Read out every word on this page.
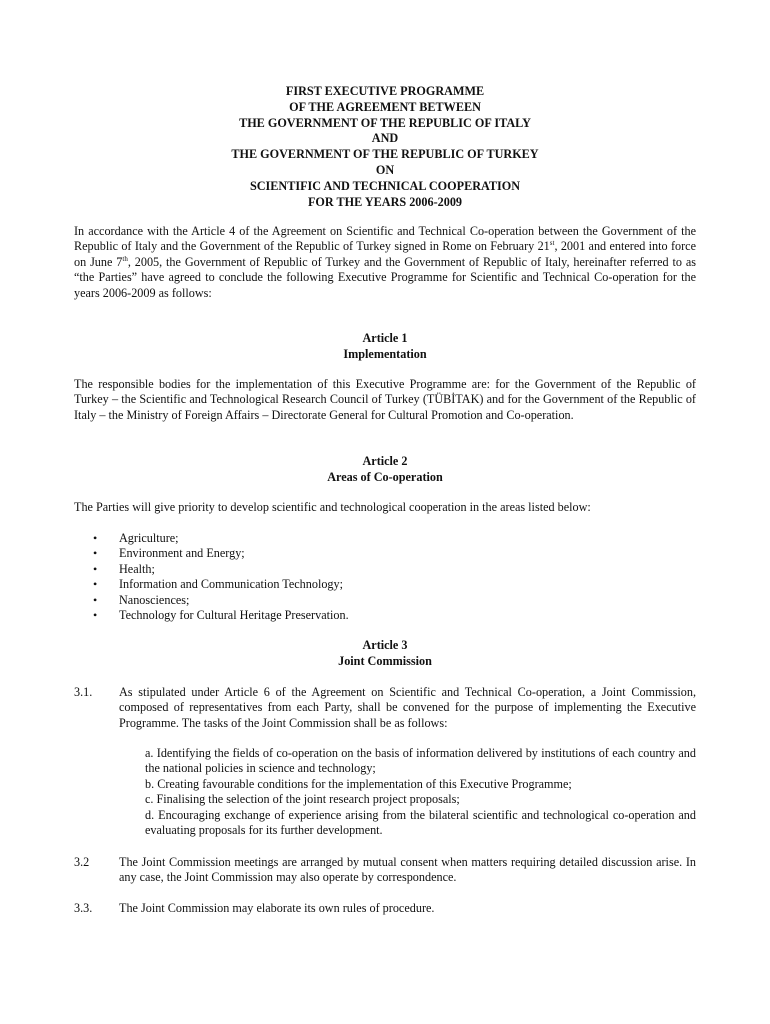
FIRST EXECUTIVE PROGRAMME
OF THE AGREEMENT BETWEEN
THE GOVERNMENT OF THE REPUBLIC OF ITALY
AND
THE GOVERNMENT OF THE REPUBLIC OF TURKEY
ON
SCIENTIFIC AND TECHNICAL COOPERATION
FOR THE YEARS 2006-2009

In accordance with the Article 4 of the Agreement on Scientific and Technical Co-operation between the Government of the Republic of Italy and the Government of the Republic of Turkey signed in Rome on February 21st, 2001 and entered into force on June 7th, 2005, the Government of Republic of Turkey and the Government of Republic of Italy, hereinafter referred to as “the Parties” have agreed to conclude the following Executive Programme for Scientific and Technical Co-operation for the years 2006-2009 as follows:

Article 1
Implementation

The responsible bodies for the implementation of this Executive Programme are: for the Government of the Republic of Turkey – the Scientific and Technological Research Council of Turkey (TÜBİTAK) and for the Government of the Republic of Italy – the Ministry of Foreign Affairs – Directorate General for Cultural Promotion and Co-operation.

Article 2
Areas of Co-operation

The Parties will give priority to develop scientific and technological cooperation in the areas listed below:

• Agriculture;
• Environment and Energy;
• Health;
• Information and Communication Technology;
• Nanosciences;
• Technology for Cultural Heritage Preservation.
Article 3
Joint Commission
3.1.	As stipulated under Article 6 of the Agreement on Scientific and Technical Co-operation, a Joint Commission, composed of representatives from each Party, shall be convened for the purpose of implementing the Executive Programme. The tasks of the Joint Commission shall be as follows:
a. Identifying the fields of co-operation on the basis of information delivered by institutions of each country and the national policies in science and technology;
b. Creating favourable conditions for the implementation of this Executive Programme;
c. Finalising the selection of the joint research project proposals;
d. Encouraging exchange of experience arising from the bilateral scientific and technological co-operation and evaluating proposals for its further development.
3.2	The Joint Commission meetings are arranged by mutual consent when matters requiring detailed discussion arise. In any case, the Joint Commission may also operate by correspondence.
3.3.	The Joint Commission may elaborate its own rules of procedure.
